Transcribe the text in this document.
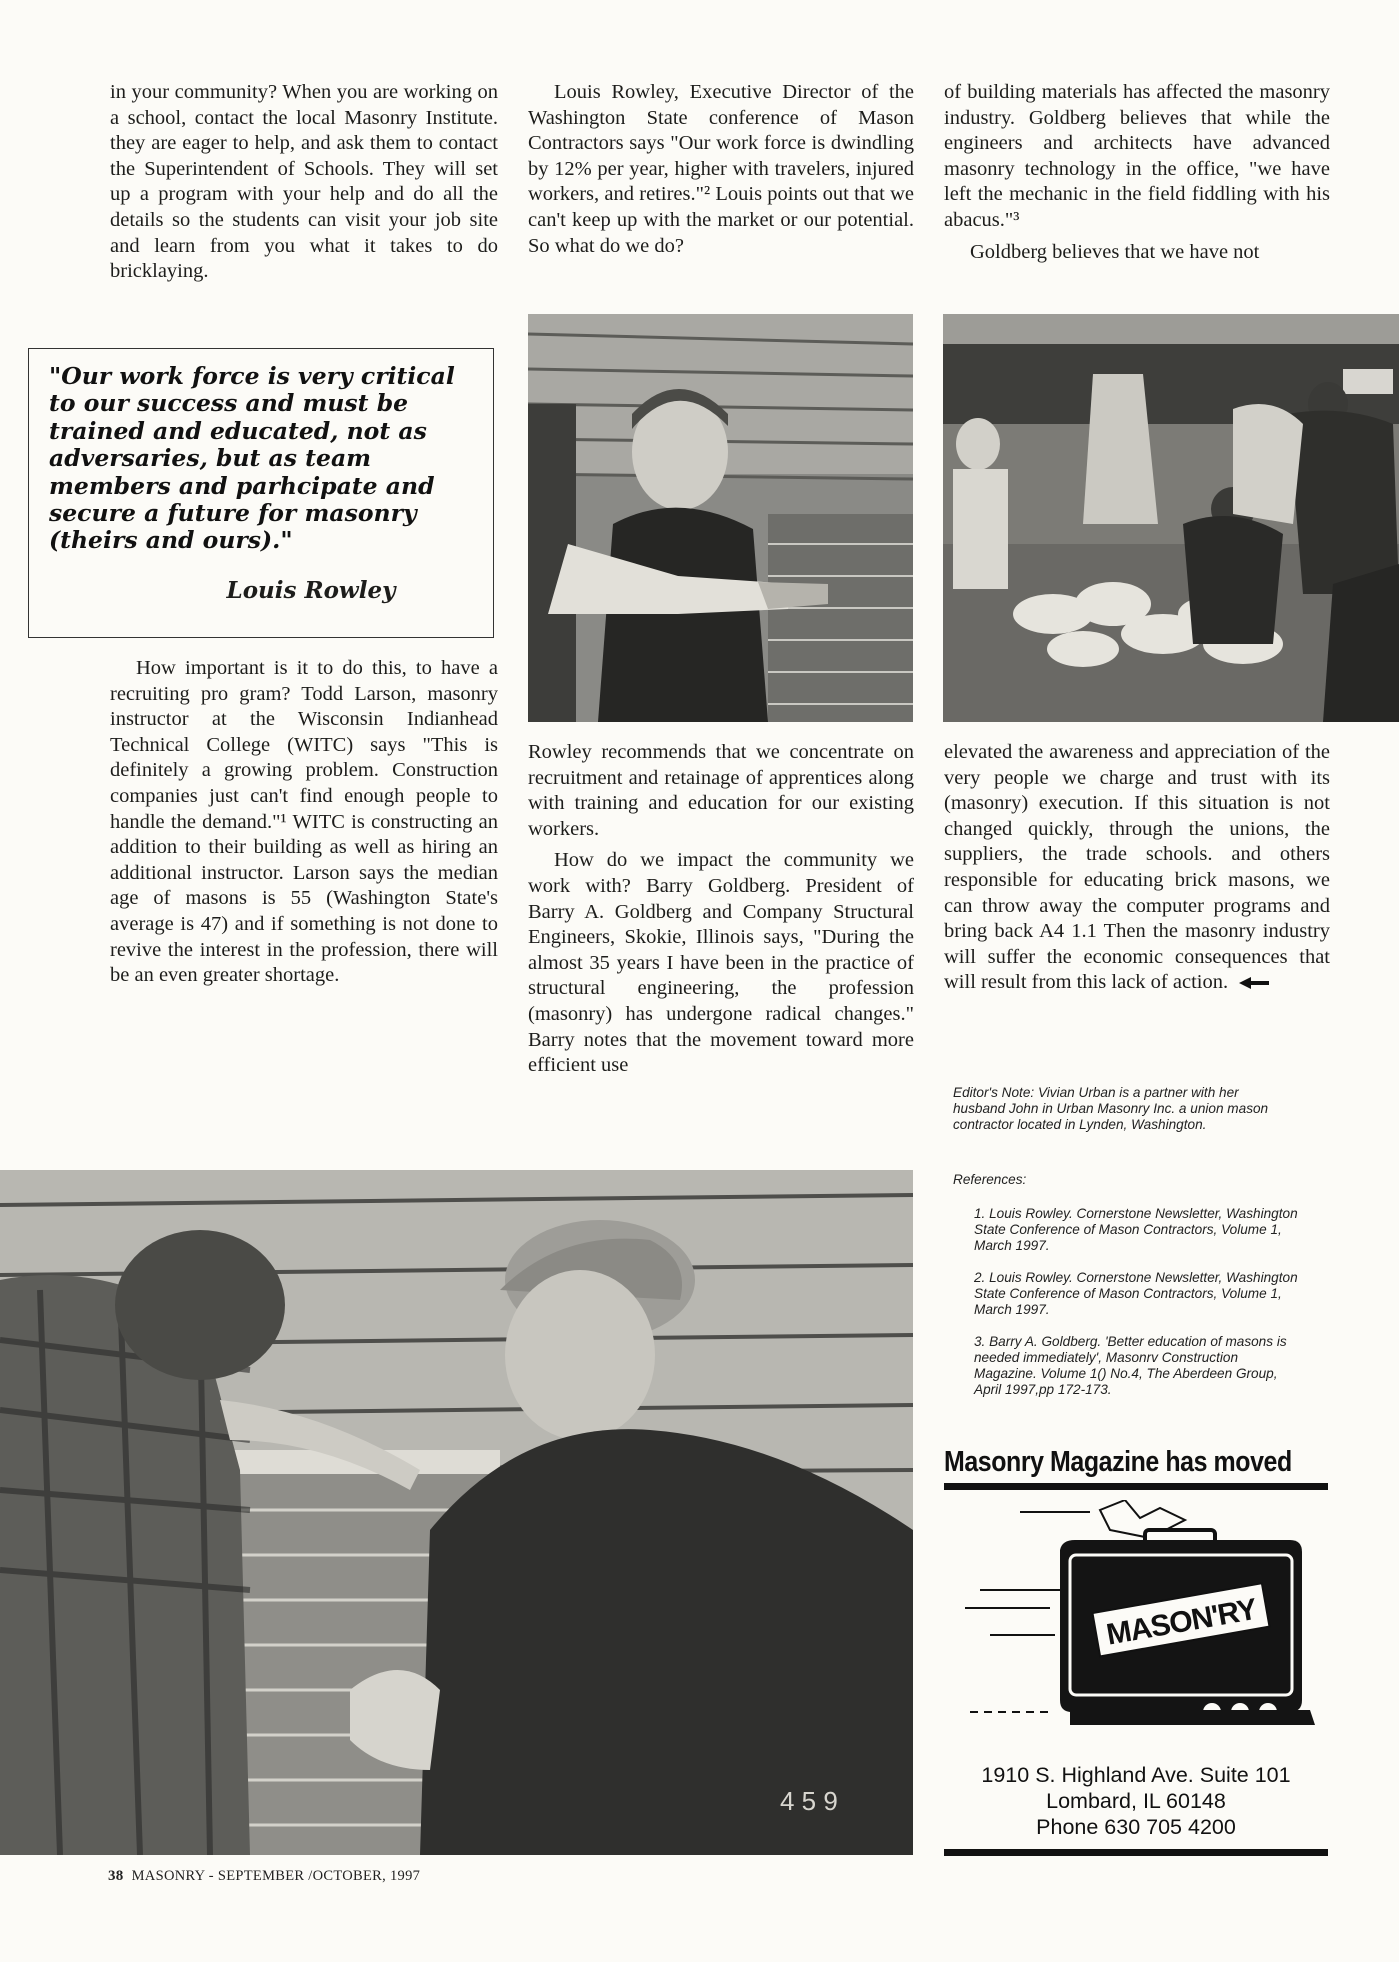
in your community? When you are working on a school, contact the local Masonry Institute. they are eager to help, and ask them to contact the Superintendent of Schools. They will set up a program with your help and do all the details so the students can visit your job site and learn from you what it takes to do bricklaying.

"Our work force is very critical to our success and must be trained and educated, not as adversaries, but as team members and parhcipate and secure a future for masonry (theirs and ours)."
Louis Rowley

How important is it to do this, to have a recruiting pro gram? Todd Larson, masonry instructor at the Wisconsin Indianhead Technical College (WITC) says "This is definitely a growing problem. Construction companies just can't find enough people to handle the demand."¹ WITC is constructing an addition to their building as well as hiring an additional instructor. Larson says the median age of masons is 55 (Washington State's average is 47) and if something is not done to revive the interest in the profession, there will be an even greater shortage.

Louis Rowley, Executive Director of the Washington State conference of Mason Contractors says "Our work force is dwindling by 12% per year, higher with travelers, injured workers, and retires."² Louis points out that we can't keep up with the market or our potential. So what do we do?

Rowley recommends that we concentrate on recruitment and retainage of apprentices along with training and education for our existing workers.

How do we impact the community we work with? Barry Goldberg. President of Barry A. Goldberg and Company Structural Engineers, Skokie, Illinois says, "During the almost 35 years I have been in the practice of structural engineering, the profession (masonry) has undergone radical changes." Barry notes that the movement toward more efficient use

of building materials has affected the masonry industry. Goldberg believes that while the engineers and architects have advanced masonry technology in the office, "we have left the mechanic in the field fiddling with his abacus."³

Goldberg believes that we have not

elevated the awareness and appreciation of the very people we charge and trust with its (masonry) execution. If this situation is not changed quickly, through the unions, the suppliers, the trade schools. and others responsible for educating brick masons, we can throw away the computer programs and bring back A4 1.1 Then the masonry industry will suffer the economic consequences that will result from this lack of action.

Editor's Note: Vivian Urban is a partner with her husband John in Urban Masonry Inc. a union mason contractor located in Lynden, Washington.
References:
1. Louis Rowley. Cornerstone Newsletter, Washington State Conference of Mason Contractors, Volume 1, March 1997.
2. Louis Rowley. Cornerstone Newsletter, Washington State Conference of Mason Contractors, Volume 1, March 1997.
3. Barry A. Goldberg. 'Better education of masons is needed immediately', Masonrv Construction Magazine. Volume 1() No.4, The Aberdeen Group, April 1997,pp 172-173.
4 5 9
Masonry Magazine has moved
MASON'RY
1910 S. Highland Ave. Suite 101
Lombard, IL 60148
Phone 630 705 4200
38 MASONRY - SEPTEMBER /OCTOBER, 1997
